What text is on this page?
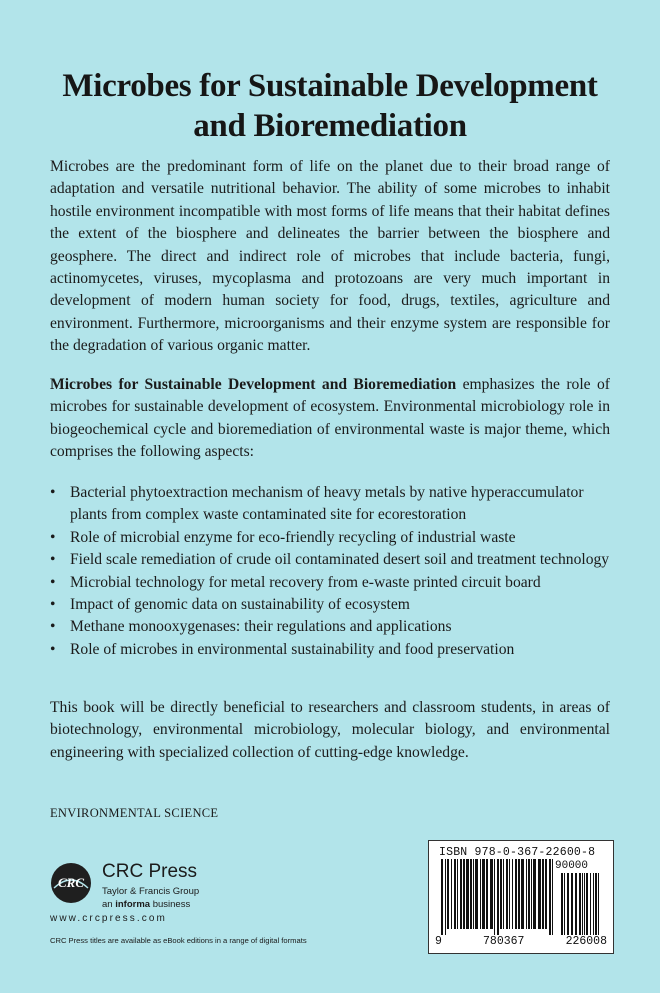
Microbes for Sustainable Development
and Bioremediation

Microbes are the predominant form of life on the planet due to their broad range of adaptation and versatile nutritional behavior. The ability of some microbes to inhabit hostile environment incompatible with most forms of life means that their habitat defines the extent of the biosphere and delineates the barrier between the biosphere and geosphere. The direct and indirect role of microbes that include bacteria, fungi, actinomycetes, viruses, mycoplasma and protozoans are very much important in development of modern human society for food, drugs, textiles, agriculture and environment. Furthermore, microorganisms and their enzyme system are responsible for the degradation of various organic matter.

Microbes for Sustainable Development and Bioremediation emphasizes the role of microbes for sustainable development of ecosystem. Environmental microbiology role in biogeochemical cycle and bioremediation of environmental waste is major theme, which comprises the following aspects:

• Bacterial phytoextraction mechanism of heavy metals by native hyperaccumulator plants from complex waste contaminated site for ecorestoration
• Role of microbial enzyme for eco-friendly recycling of industrial waste
• Field scale remediation of crude oil contaminated desert soil and treatment technology
• Microbial technology for metal recovery from e-waste printed circuit board
• Impact of genomic data on sustainability of ecosystem
• Methane monooxygenases: their regulations and applications
• Role of microbes in environmental sustainability and food preservation

This book will be directly beneficial to researchers and classroom students, in areas of biotechnology, environmental microbiology, molecular biology, and environmental engineering with specialized collection of cutting-edge knowledge.

ENVIRONMENTAL SCIENCE

CRC
CRC Press
Taylor & Francis Group
an informa business
www.crcpress.com
CRC Press titles are available as eBook editions in a range of digital formats
ISBN 978-0-367-22600-8
90000
9	780367	226008
